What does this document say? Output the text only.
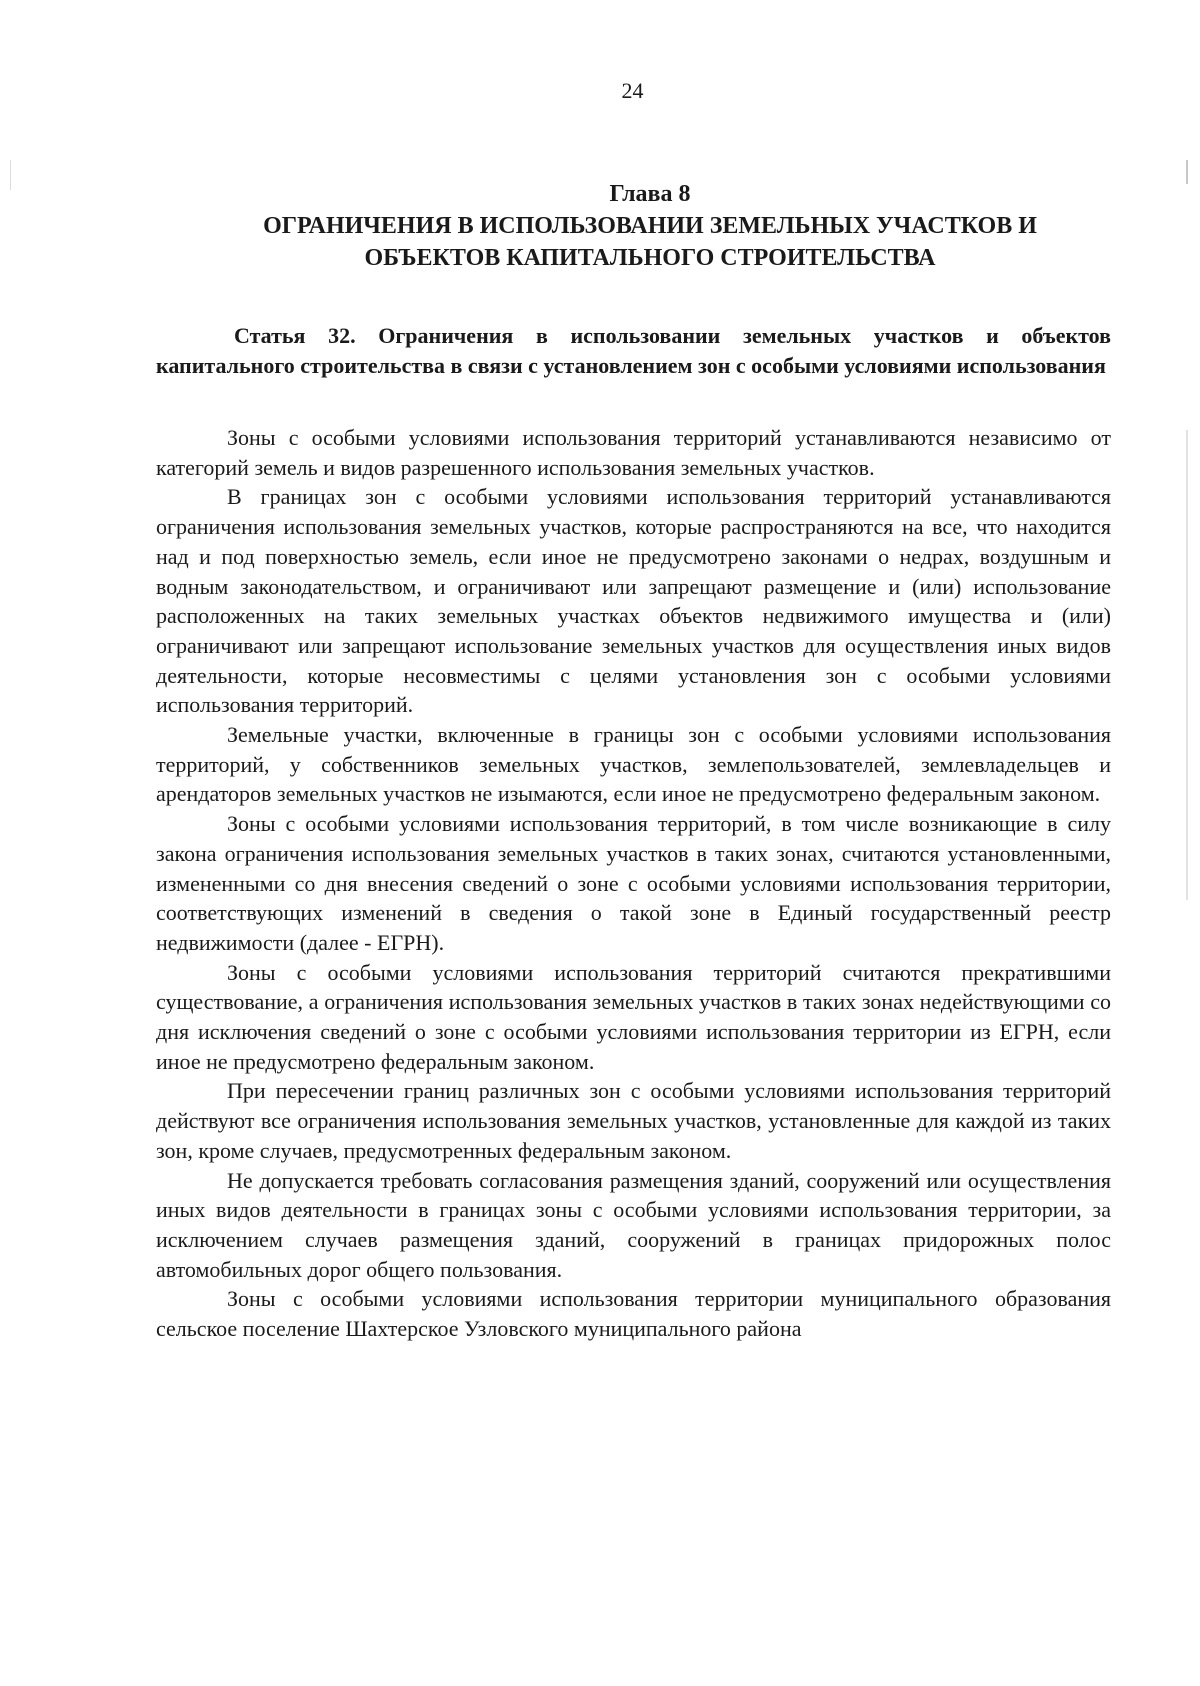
24
Глава 8
ОГРАНИЧЕНИЯ В ИСПОЛЬЗОВАНИИ ЗЕМЕЛЬНЫХ УЧАСТКОВ И
ОБЪЕКТОВ КАПИТАЛЬНОГО СТРОИТЕЛЬСТВА
Статья 32. Ограничения в использовании земельных участков и объектов капитального строительства в связи с установлением зон с особыми условиями использования

Зоны с особыми условиями использования территорий устанавливаются независимо от категорий земель и видов разрешенного использования земельных участков.

В границах зон с особыми условиями использования территорий устанавливаются ограничения использования земельных участков, которые распространяются на все, что находится над и под поверхностью земель, если иное не предусмотрено законами о недрах, воздушным и водным законодательством, и ограничивают или запрещают размещение и (или) использование расположенных на таких земельных участках объектов недвижимого имущества и (или) ограничивают или запрещают использование земельных участков для осуществления иных видов деятельности, которые несовместимы с целями установления зон с особыми условиями использования территорий.

Земельные участки, включенные в границы зон с особыми условиями использования территорий, у собственников земельных участков, землепользователей, землевладельцев и арендаторов земельных участков не изымаются, если иное не предусмотрено федеральным законом.

Зоны с особыми условиями использования территорий, в том числе возникающие в силу закона ограничения использования земельных участков в таких зонах, считаются установленными, измененными со дня внесения сведений о зоне с особыми условиями использования территории, соответствующих изменений в сведения о такой зоне в Единый государственный реестр недвижимости (далее - ЕГРН).

Зоны с особыми условиями использования территорий считаются прекратившими существование, а ограничения использования земельных участков в таких зонах недействующими со дня исключения сведений о зоне с особыми условиями использования территории из ЕГРН, если иное не предусмотрено федеральным законом.

При пересечении границ различных зон с особыми условиями использования территорий действуют все ограничения использования земельных участков, установленные для каждой из таких зон, кроме случаев, предусмотренных федеральным законом.

Не допускается требовать согласования размещения зданий, сооружений или осуществления иных видов деятельности в границах зоны с особыми условиями использования территории, за исключением случаев размещения зданий, сооружений в границах придорожных полос автомобильных дорог общего пользования.

Зоны с особыми условиями использования территории муниципального образования сельское поселение Шахтерское Узловского муниципального района
